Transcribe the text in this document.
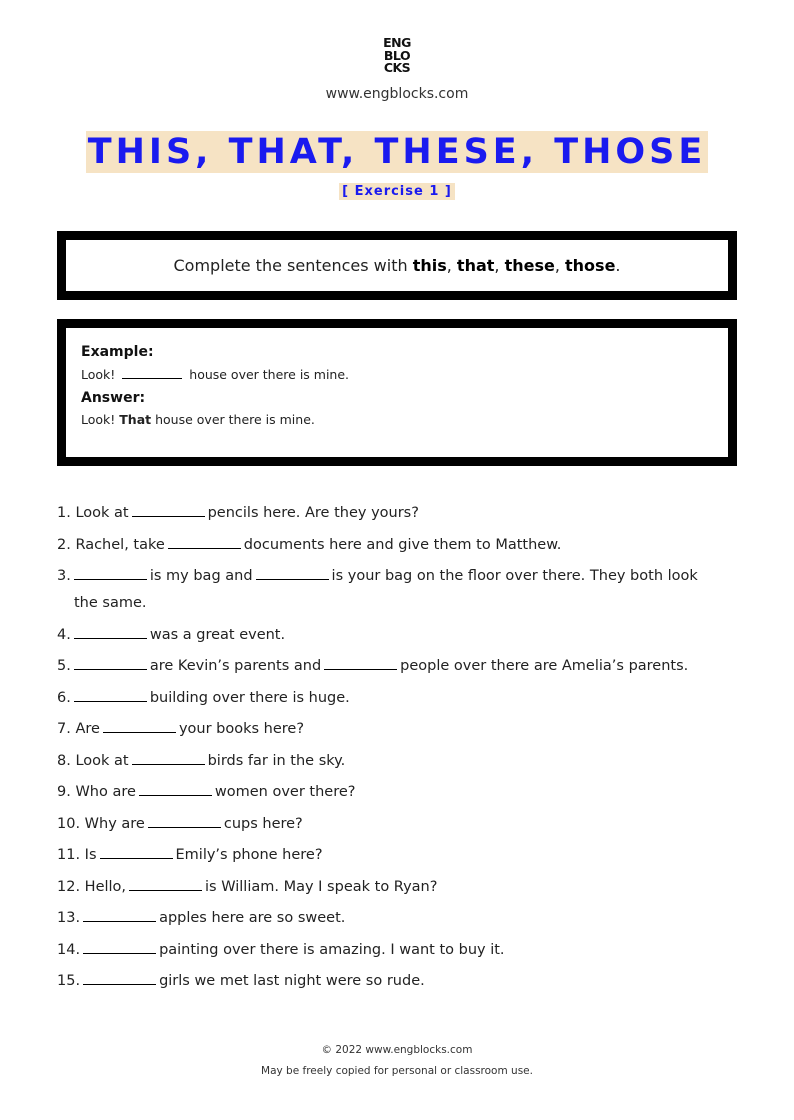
ENG
BLO
CKS
www.engblocks.com
THIS, THAT, THESE, THOSE
[ Exercise 1 ]
Complete the sentences with this, that, these, those.
Example:
Look!	house over there is mine.
Answer:
Look! That house over there is mine.
1. Look at	pencils here. Are they yours?
2. Rachel, take	documents here and give them to Matthew.
3.	is my bag and	is your bag on the floor over there. They both look
the same.
4.	was a great event.
5.	are Kevin’s parents and	people over there are Amelia’s parents.
6.	building over there is huge.
7. Are	your books here?
8. Look at	birds far in the sky.
9. Who are	women over there?
10. Why are	cups here?
11. Is	Emily’s phone here?
12. Hello,	is William. May I speak to Ryan?
13.	apples here are so sweet.
14.	painting over there is amazing. I want to buy it.
15.	girls we met last night were so rude.
© 2022 www.engblocks.com
May be freely copied for personal or classroom use.
